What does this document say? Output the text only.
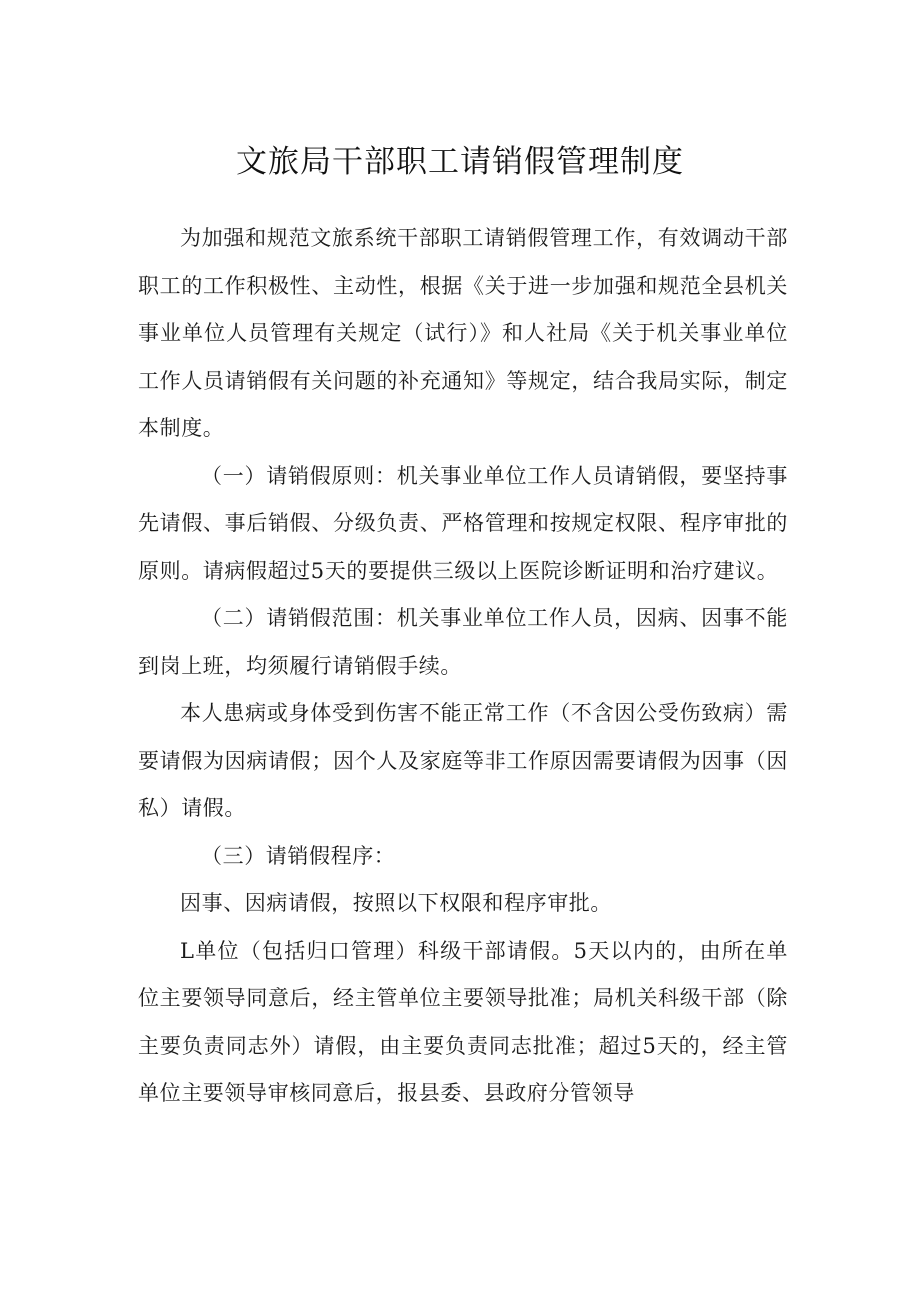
文旅局干部职工请销假管理制度

为加强和规范文旅系统干部职工请销假管理工作，有效调动干部职工的工作积极性、主动性，根据《关于进一步加强和规范全县机关事业单位人员管理有关规定（试行）》和人社局《关于机关事业单位工作人员请销假有关问题的补充通知》等规定，结合我局实际，制定本制度。

（一）请销假原则：机关事业单位工作人员请销假，要坚持事先请假、事后销假、分级负责、严格管理和按规定权限、程序审批的原则。请病假超过5天的要提供三级以上医院诊断证明和治疗建议。

（二）请销假范围：机关事业单位工作人员，因病、因事不能到岗上班，均须履行请销假手续。

本人患病或身体受到伤害不能正常工作（不含因公受伤致病）需要请假为因病请假；因个人及家庭等非工作原因需要请假为因事（因私）请假。

（三）请销假程序：

因事、因病请假，按照以下权限和程序审批。

L单位（包括归口管理）科级干部请假。5天以内的，由所在单位主要领导同意后，经主管单位主要领导批准；局机关科级干部（除主要负责同志外）请假，由主要负责同志批准；超过5天的，经主管单位主要领导审核同意后，报县委、县政府分管领导
